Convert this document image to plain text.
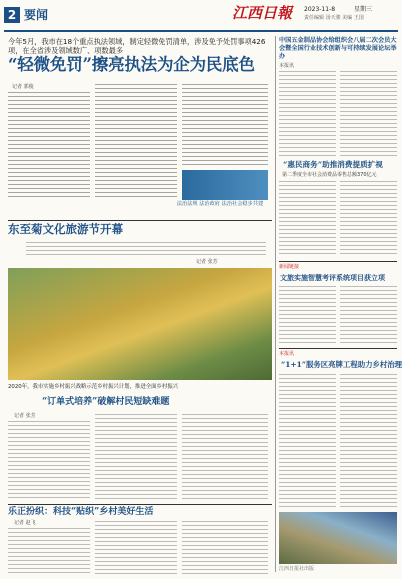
2 要闻	江西日報 2023-11-8	星期三
责任编辑 汤天骏 美编 王国
今年5月，我市在18个重点执法领域，制定轻微免罚清单，涉及免予处罚事项426项，在全省涉及领域数广、项数最多
“轻微免罚”擦亮执法为企为民底色
记者 郭俊
法治法规 法治政府 法治社会稳步共建
东至菊文化旅游节开幕
记者 张芳
2020年，我市实施乡村振兴战略示范乡村振兴计划，推进全面乡村振兴
“订单式培养”破解村民短缺难题
记者 张芳
乐正扮织：科技“贴织”乡村美好生活
记者 赵飞
中国五金制品协会给组织会八届二次会员大会暨全国行业技术创新与可持续发展论坛举办
本报讯
“惠民商务”助推消费提质扩视
第二季度全市社会消费品零售总额370亿元
新闻链接
文旅实施智慧考评系统项目获立项
本报讯
“1+1”服务区亮牌工程助力乡村治理
江西日报社出版
